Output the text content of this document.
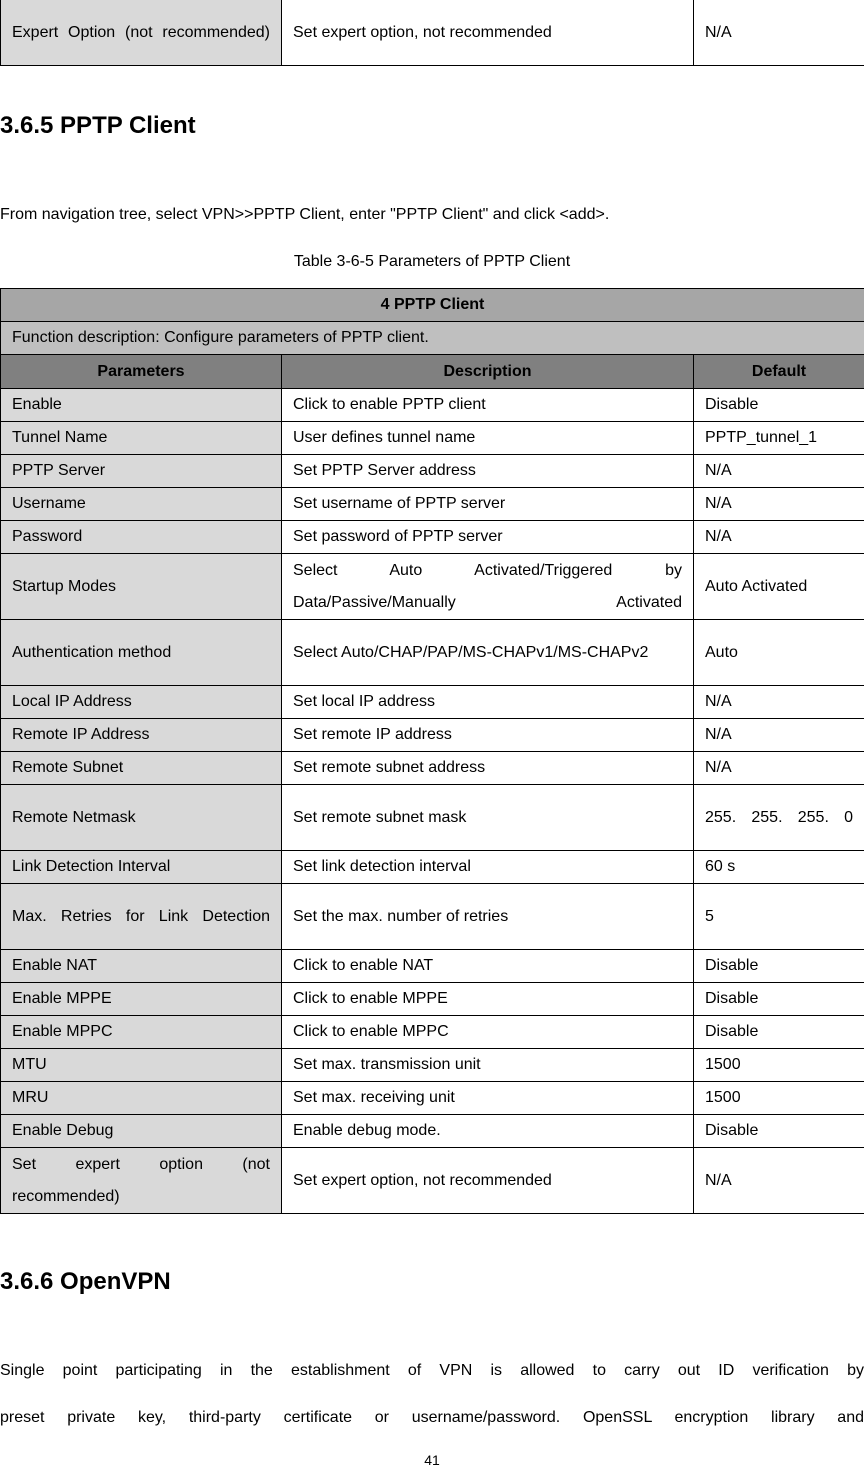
Expert Option (not recommended)	Set expert option, not recommended	N/A
3.6.5 PPTP Client

From navigation tree, select VPN>>PPTP Client, enter "PPTP Client" and click <add>.

Table 3-6-5 Parameters of PPTP Client

4 PPTP Client		
Function description: Configure parameters of PPTP client.		
Parameters	Description	Default
Enable	Click to enable PPTP client	Disable
Tunnel Name	User defines tunnel name	PPTP_tunnel_1
PPTP Server	Set PPTP Server address	N/A
Username	Set username of PPTP server	N/A
Password	Set password of PPTP server	N/A
Startup Modes	Select Auto Activated/Triggered by Data/Passive/Manually Activated	Auto Activated
Authentication method	Select Auto/CHAP/PAP/MS-CHAPv1/MS-CHAPv2	Auto
Local IP Address	Set local IP address	N/A
Remote IP Address	Set remote IP address	N/A
Remote Subnet	Set remote subnet address	N/A
Remote Netmask	Set remote subnet mask	255. 255. 255. 0
Link Detection Interval	Set link detection interval	60 s
Max. Retries for Link Detection	Set the max. number of retries	5
Enable NAT	Click to enable NAT	Disable
Enable MPPE	Click to enable MPPE	Disable
Enable MPPC	Click to enable MPPC	Disable
MTU	Set max. transmission unit	1500
MRU	Set max. receiving unit	1500
Enable Debug	Enable debug mode.	Disable
Set expert option (not recommended)	Set expert option, not recommended	N/A
3.6.6 OpenVPN

Single point participating in the establishment of VPN is allowed to carry out ID verification by

preset private key, third-party certificate or username/password. OpenSSL encryption library and

41
